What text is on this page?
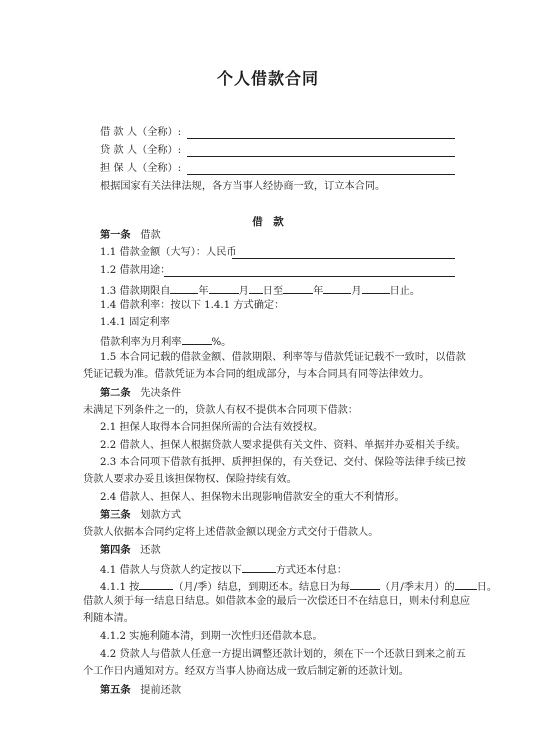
个人借款合同
借 款 人（全称）:
贷 款 人（全称）:
担 保 人（全称）:
根据国家有关法律法规，各方当事人经协商一致，订立本合同。
借　款
第一条 借款
1.1 借款金额（大写）：人民币
1.2 借款用途：
1.3 借款期限自	年	月 日至	年	月	日止。
1.4 借款利率：按以下 1.4.1 方式确定：
1.4.1 固定利率
借款利率为月利率	%。
1.5 本合同记载的借款金额、借款期限、利率等与借款凭证记载不一致时，以借款
凭证记载为准。借款凭证为本合同的组成部分，与本合同具有同等法律效力。
第二条 先决条件
未满足下列条件之一的，贷款人有权不提供本合同项下借款：
2.1 担保人取得本合同担保所需的合法有效授权。
2.2 借款人、担保人根据贷款人要求提供有关文件、资料、单据并办妥相关手续。
2.3 本合同项下借款有抵押、质押担保的，有关登记、交付、保险等法律手续已按
贷款人要求办妥且该担保物权、保险持续有效。
2.4 借款人、担保人、担保物未出现影响借款安全的重大不利情形。
第三条 划款方式
贷款人依据本合同约定将上述借款金额以现金方式交付于借款人。
第四条 还款
4.1 借款人与贷款人约定按以下	方式还本付息：
4.1.1 按	（月/季）结息，到期还本。结息日为每	（月/季末月）的 日。
借款人须于每一结息日结息。如借款本金的最后一次偿还日不在结息日，则未付利息应
利随本清。
4.1.2 实施利随本清，到期一次性归还借款本息。
4.2 贷款人与借款人任意一方提出调整还款计划的，须在下一个还款日到来之前五
个工作日内通知对方。经双方当事人协商达成一致后制定新的还款计划。
第五条 提前还款
